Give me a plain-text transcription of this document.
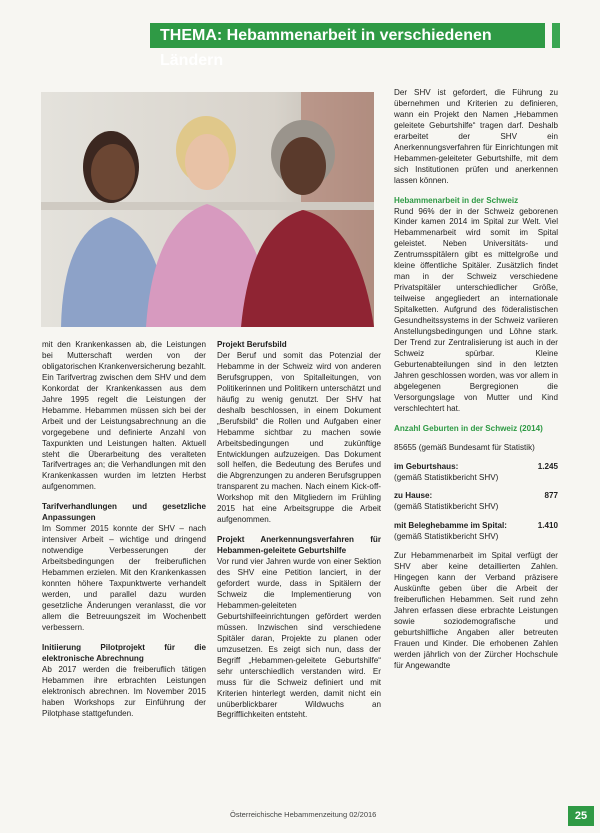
THEMA: Hebammenarbeit in verschiedenen Ländern

mit den Krankenkassen ab, die Leistungen bei Mutterschaft werden von der obligatorischen Krankenversicherung bezahlt. Ein Tarifvertrag zwischen dem SHV und dem Konkordat der Krankenkassen aus dem Jahre 1995 regelt die Leistungen der Hebamme. Hebammen müssen sich bei der Arbeit und der Leistungsabrechnung an die vorgegebene und definierte Anzahl von Taxpunkten und Leistungen halten. Aktuell steht die Überarbeitung des veralteten Tarifvertrages an; die Verhandlungen mit den Krankenkassen wurden im letzten Herbst aufgenommen.

Tarifverhandlungen und gesetzliche Anpassungen

Im Sommer 2015 konnte der SHV – nach intensiver Arbeit – wichtige und dringend notwendige Verbesserungen der Arbeitsbedingungen der freiberuflichen Hebammen erzielen. Mit den Krankenkassen konnten höhere Taxpunktwerte verhandelt werden, und parallel dazu wurden gesetzliche Änderungen veranlasst, die vor allem die Betreuungszeit im Wochenbett verbessern.

Initiierung Pilotprojekt für die elektronische Abrechnung

Ab 2017 werden die freiberuflich tätigen Hebammen ihre erbrachten Leistungen elektronisch abrechnen. Im November 2015 haben Workshops zur Einführung der Pilotphase stattgefunden.

Projekt Berufsbild

Der Beruf und somit das Potenzial der Hebamme in der Schweiz wird von anderen Berufsgruppen, von Spitalleitungen, von Politikerinnen und Politikern unterschätzt und häufig zu wenig genutzt. Der SHV hat deshalb beschlossen, in einem Dokument „Berufsbild“ die Rollen und Aufgaben einer Hebamme sichtbar zu machen sowie Arbeitsbedingungen und zukünftige Entwicklungen aufzuzeigen. Das Dokument soll helfen, die Bedeutung des Berufes und die Abgrenzungen zu anderen Berufsgruppen transparent zu machen. Nach einem Kick-off-Workshop mit den Mitgliedern im Frühling 2015 hat eine Arbeitsgruppe die Arbeit aufgenommen.

Projekt Anerkennungsverfahren für Hebammen-geleitete Geburtshilfe

Vor rund vier Jahren wurde von einer Sektion des SHV eine Petition lanciert, in der gefordert wurde, dass in Spitälern der Schweiz die Implementierung von Hebammen-geleiteten Geburtshilfeeinrichtungen gefördert werden müssen. Inzwischen sind verschiedene Spitäler daran, Projekte zu planen oder umzusetzen. Es zeigt sich nun, dass der Begriff „Hebammen-geleitete Geburtshilfe“ sehr unterschiedlich verstanden wird. Er muss für die Schweiz definiert und mit Kriterien hinterlegt werden, damit nicht ein unüberblickbarer Wildwuchs an Begrifflichkeiten entsteht.

Der SHV ist gefordert, die Führung zu übernehmen und Kriterien zu definieren, wann ein Projekt den Namen „Hebammen geleitete Geburtshilfe“ tragen darf. Deshalb erarbeitet der SHV ein Anerkennungsverfahren für Einrichtungen mit Hebammen-geleiteter Geburtshilfe, mit dem sich Institutionen prüfen und anerkennen lassen können.

Hebammenarbeit in der Schweiz

Rund 96% der in der Schweiz geborenen Kinder kamen 2014 im Spital zur Welt. Viel Hebammenarbeit wird somit im Spital geleistet. Neben Universitäts- und Zentrumsspitälern gibt es mittelgroße und kleine öffentliche Spitäler. Zusätzlich findet man in der Schweiz verschiedene Privatspitäler unterschiedlicher Größe, teilweise angegliedert an internationale Spitalketten. Aufgrund des föderalistischen Gesundheitssystems in der Schweiz variieren Anstellungsbedingungen und Löhne stark. Der Trend zur Zentralisierung ist auch in der Schweiz spürbar. Kleine Geburtenabteilungen sind in den letzten Jahren geschlossen worden, was vor allem in abgelegenen Bergregionen die Versorgungslage von Mutter und Kind verschlechtert hat.

Anzahl Geburten in der Schweiz (2014)

85655 (gemäß Bundesamt für Statistik)

im Geburtshaus:	1.245
(gemäß Statistikbericht SHV)
zu Hause:	877
(gemäß Statistikbericht SHV)
mit Beleghebamme im Spital:	1.410
(gemäß Statistikbericht SHV)

Zur Hebammenarbeit im Spital verfügt der SHV aber keine detaillierten Zahlen. Hingegen kann der Verband präzisere Auskünfte geben über die Arbeit der freiberuflichen Hebammen. Seit rund zehn Jahren erfassen diese erbrachte Leistungen sowie soziodemografische und geburtshilfliche Angaben aller betreuten Frauen und Kinder. Die erhobenen Zahlen werden jährlich von der Zürcher Hochschule für Angewandte

Österreichische Hebammenzeitung 02/2016	25
